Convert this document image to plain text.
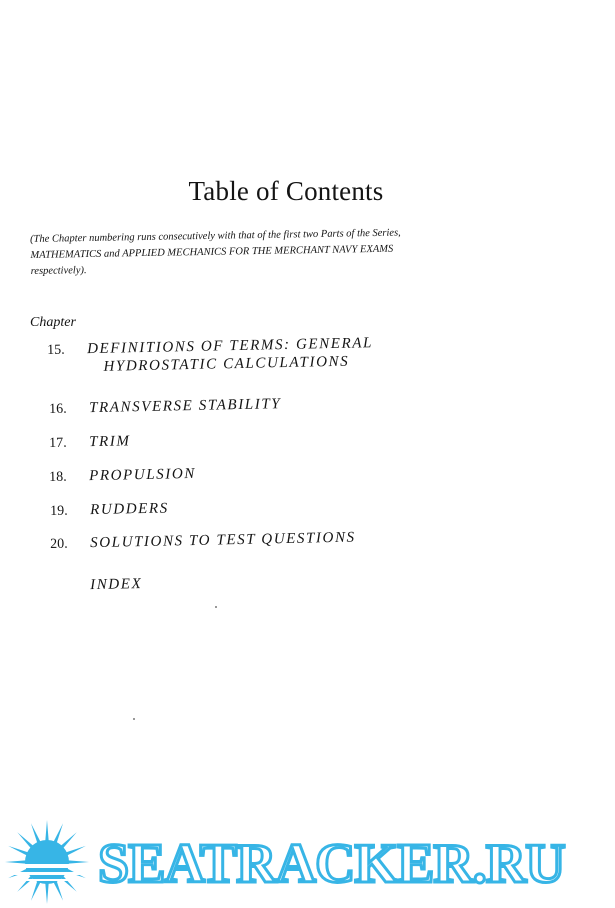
Table of Contents

(The Chapter numbering runs consecutively with that of the first two Parts of the Series,

MATHEMATICS and APPLIED MECHANICS FOR THE MERCHANT NAVY EXAMS

respectively).

Chapter
15. DEFINITIONS OF TERMS: GENERAL
HYDROSTATIC CALCULATIONS
16. TRANSVERSE STABILITY
17. TRIM
18. PROPULSION
19. RUDDERS
20. SOLUTIONS TO TEST QUESTIONS
INDEX
SEATRACKER.RU
